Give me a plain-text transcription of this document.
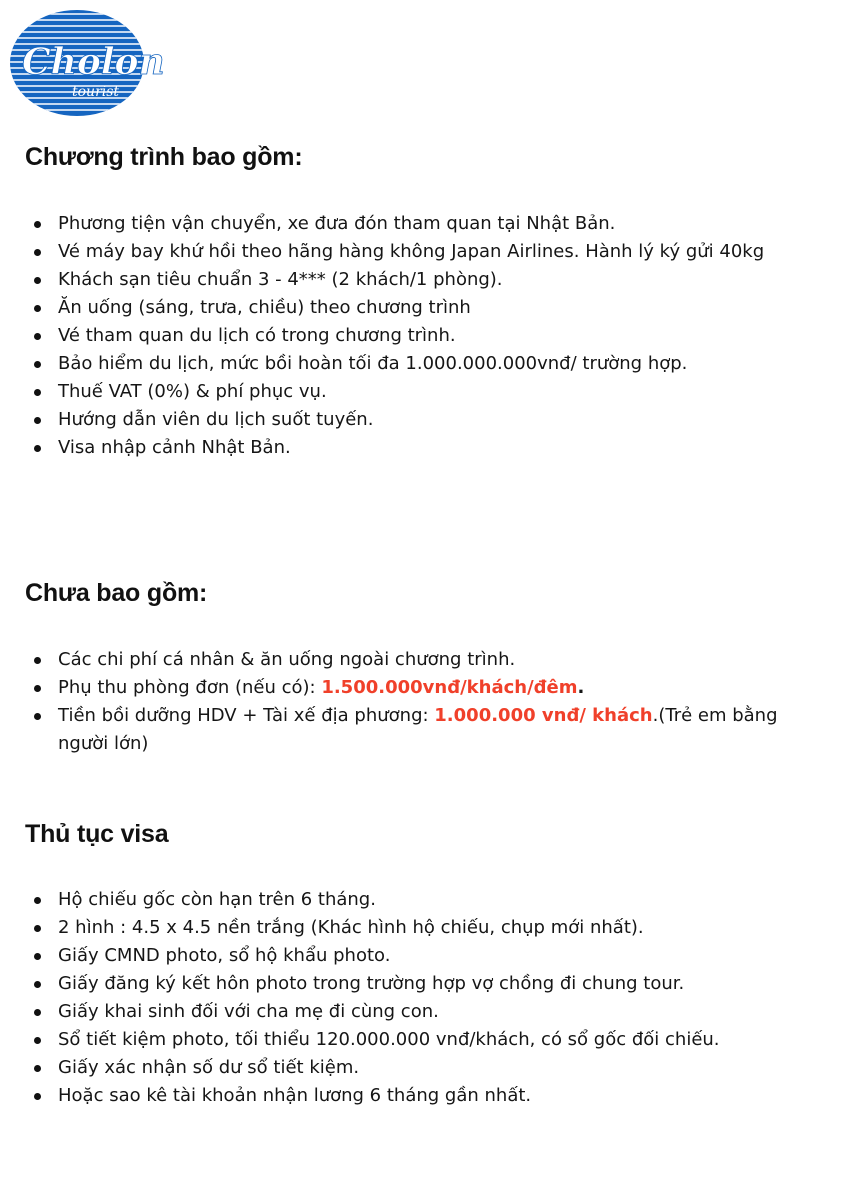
Cholon
tourist
Chương trình bao gồm:
Phương tiện vận chuyển, xe đưa đón tham quan tại Nhật Bản.
Vé máy bay khứ hồi theo hãng hàng không Japan Airlines. Hành lý ký gửi 40kg
Khách sạn tiêu chuẩn 3 - 4*** (2 khách/1 phòng).
Ăn uống (sáng, trưa, chiều) theo chương trình
Vé tham quan du lịch có trong chương trình.
Bảo hiểm du lịch, mức bồi hoàn tối đa 1.000.000.000vnđ/ trường hợp.
Thuế VAT (0%) & phí phục vụ.
Hướng dẫn viên du lịch suốt tuyến.
Visa nhập cảnh Nhật Bản.
Chưa bao gồm:
Các chi phí cá nhân & ăn uống ngoài chương trình.
Phụ thu phòng đơn (nếu có): 1.500.000vnđ/khách/đêm.
Tiền bồi dưỡng HDV + Tài xế địa phương: 1.000.000 vnđ/ khách.(Trẻ em bằng người lớn)
Thủ tục visa
Hộ chiếu gốc còn hạn trên 6 tháng.
2 hình : 4.5 x 4.5 nền trắng (Khác hình hộ chiếu, chụp mới nhất).
Giấy CMND photo, sổ hộ khẩu photo.
Giấy đăng ký kết hôn photo trong trường hợp vợ chồng đi chung tour.
Giấy khai sinh đối với cha mẹ đi cùng con.
Sổ tiết kiệm photo, tối thiểu 120.000.000 vnđ/khách, có sổ gốc đối chiếu.
Giấy xác nhận số dư sổ tiết kiệm.
Hoặc sao kê tài khoản nhận lương 6 tháng gần nhất.
